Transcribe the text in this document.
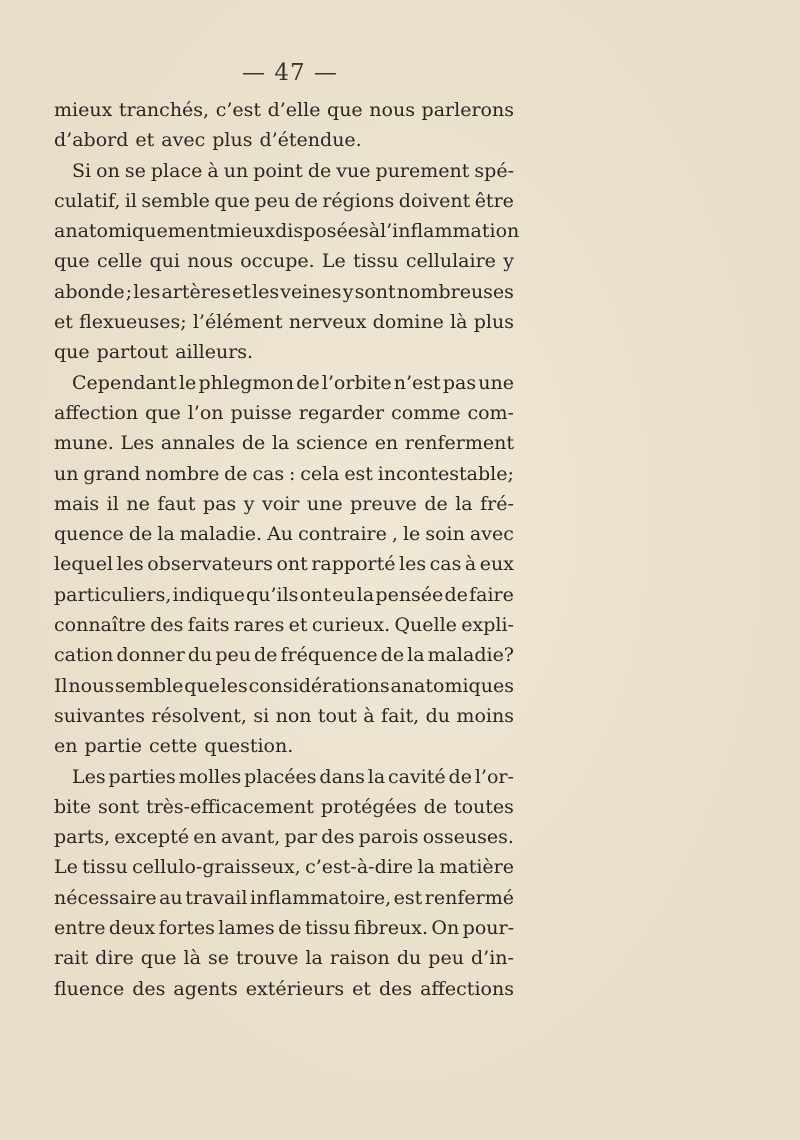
— 47 —
mieux tranchés, c’est d’elle que nous parlerons
d’abord et avec plus d’étendue.
Si on se place à un point de vue purement spé-
culatif, il semble que peu de régions doivent être
anatomiquement mieux disposées à l’inflammation
que celle qui nous occupe. Le tissu cellulaire y
abonde ; les artères et les veines y sont nombreuses
et flexueuses; l’élément nerveux domine là plus
que partout ailleurs.
Cependant le phlegmon de l’orbite n’est pas une
affection que l’on puisse regarder comme com-
mune. Les annales de la science en renferment
un grand nombre de cas : cela est incontestable;
mais il ne faut pas y voir une preuve de la fré-
quence de la maladie. Au contraire , le soin avec
lequel les observateurs ont rapporté les cas à eux
particuliers, indique qu’ils ont eu la pensée de faire
connaître des faits rares et curieux. Quelle expli-
cation donner du peu de fréquence de la maladie?
Il nous semble que les considérations anatomiques
suivantes résolvent, si non tout à fait, du moins
en partie cette question.
Les parties molles placées dans la cavité de l’or-
bite sont très-efficacement protégées de toutes
parts, excepté en avant, par des parois osseuses.
Le tissu cellulo-graisseux, c’est-à-dire la matière
nécessaire au travail inflammatoire, est renfermé
entre deux fortes lames de tissu fibreux. On pour-
rait dire que là se trouve la raison du peu d’in-
fluence des agents extérieurs et des affections
